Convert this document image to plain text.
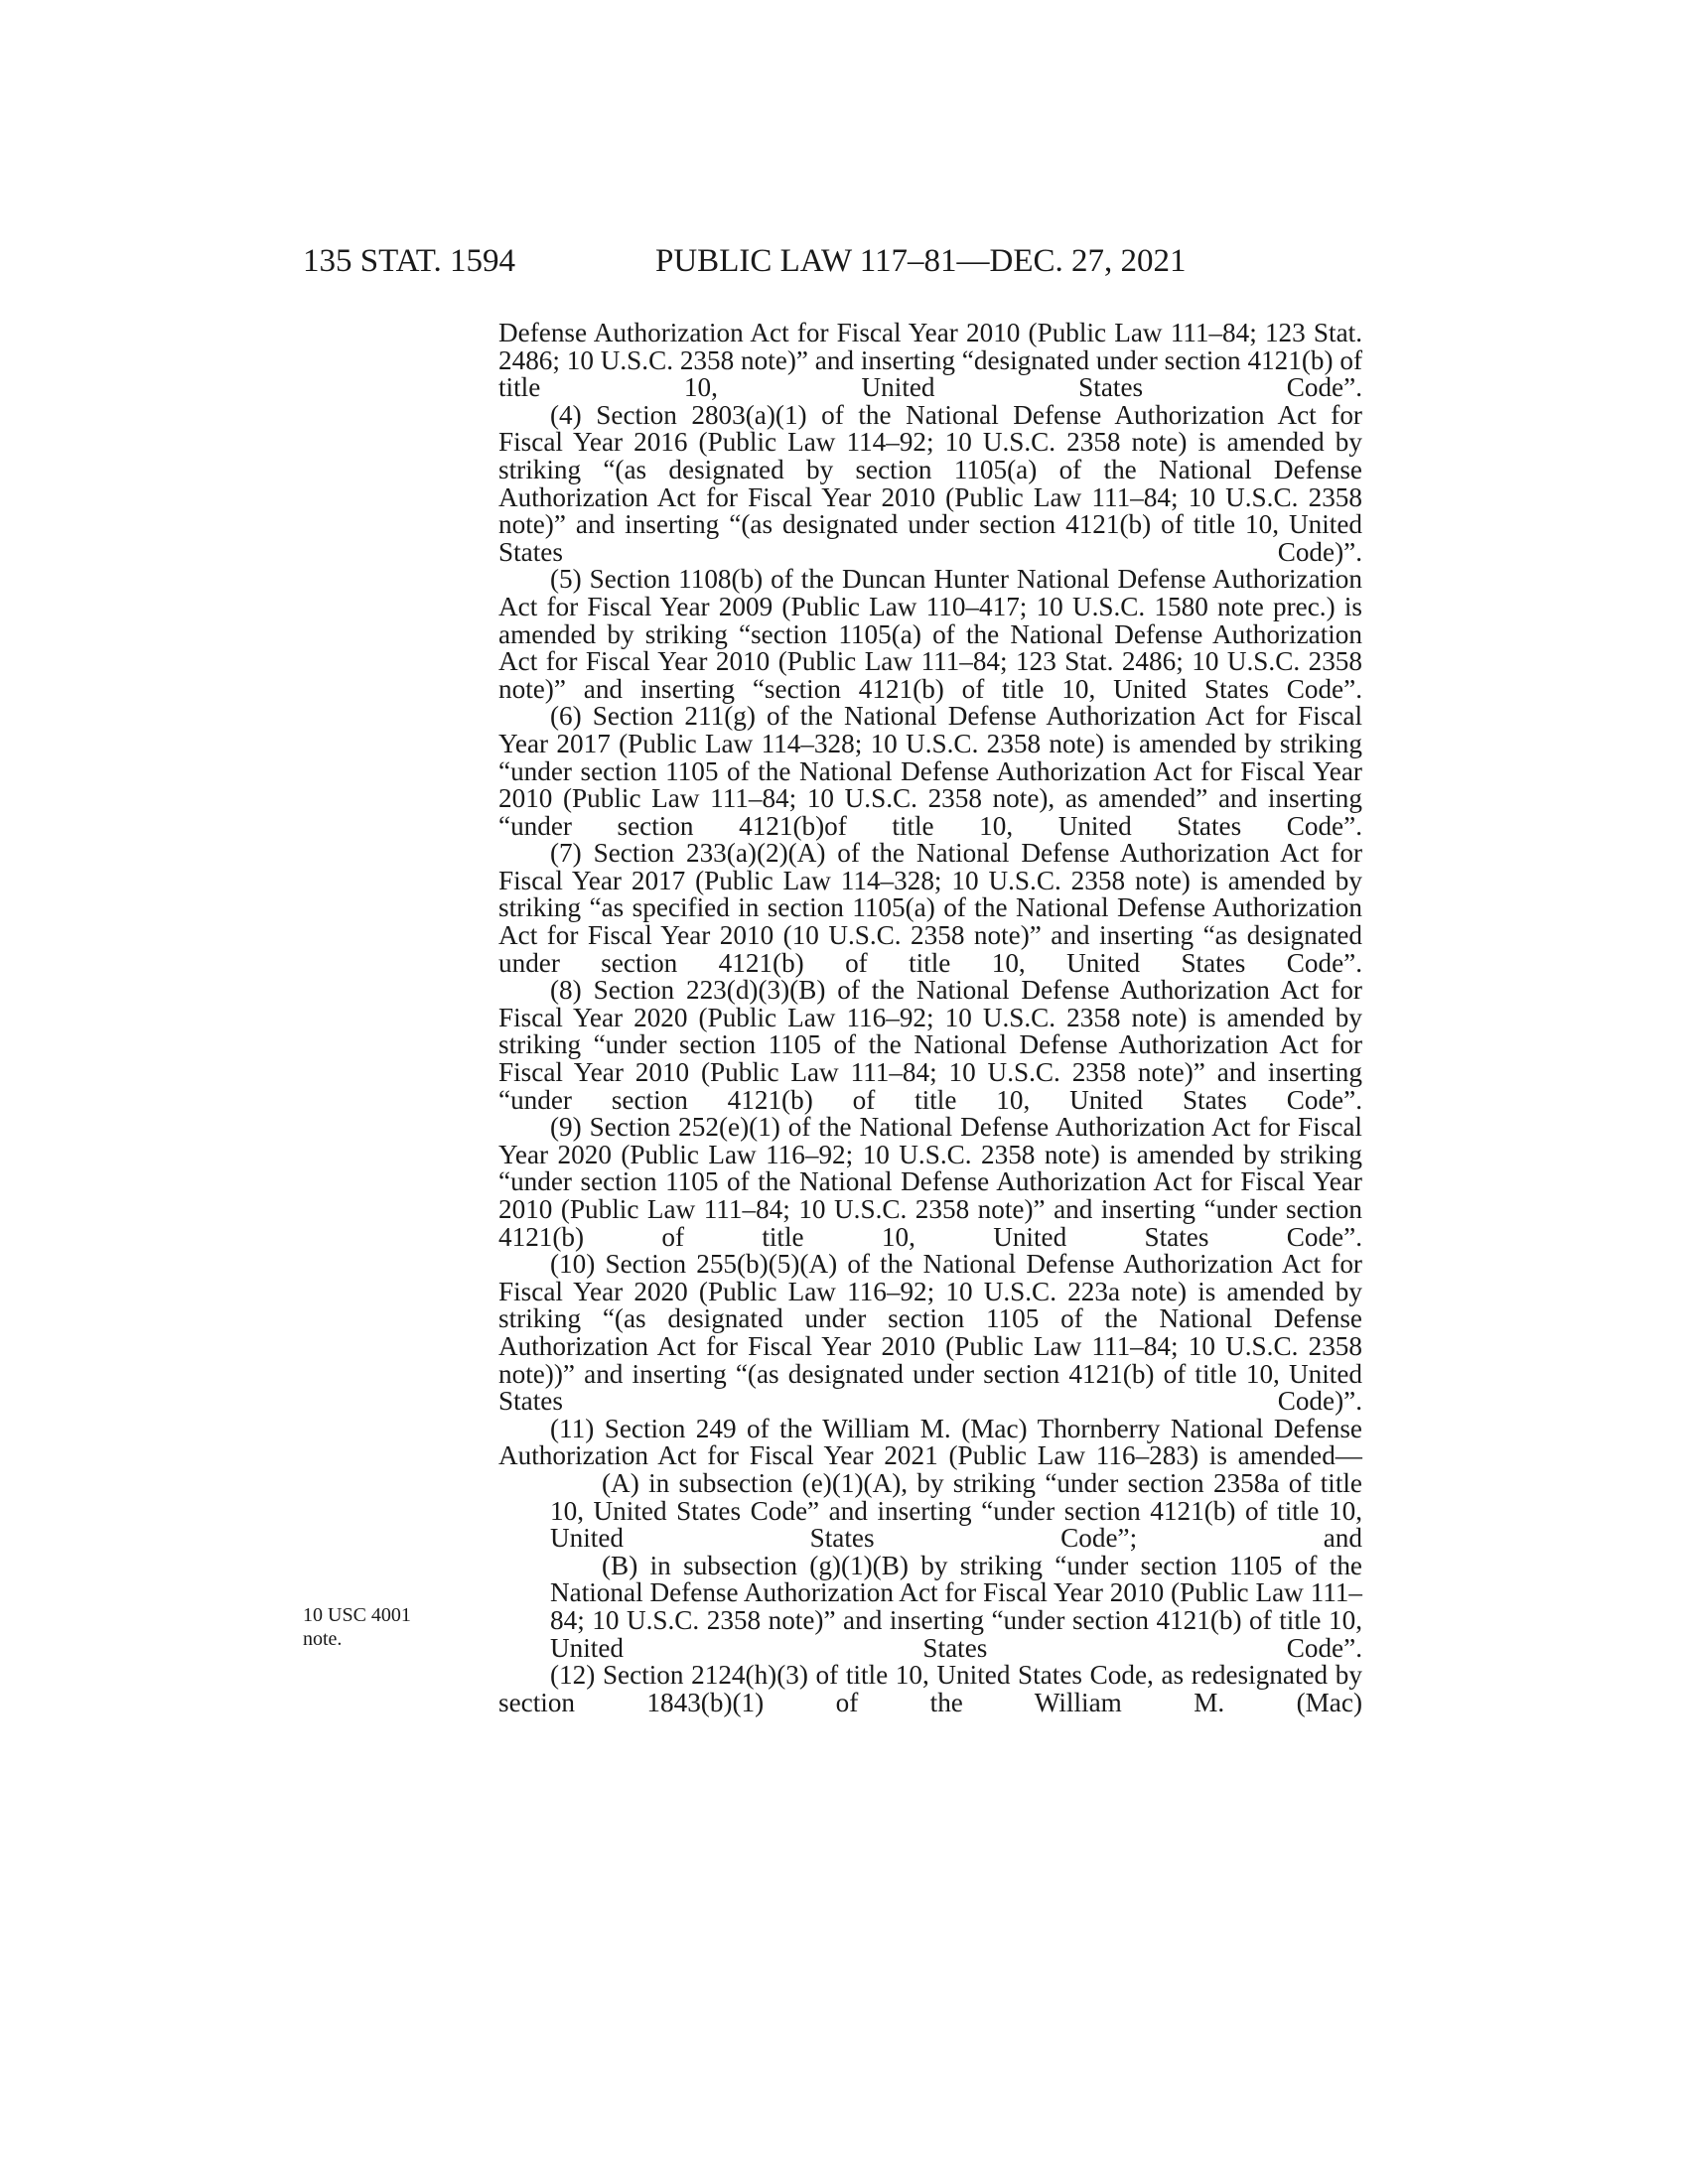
135 STAT. 1594	PUBLIC LAW 117–81—DEC. 27, 2021
10 USC 4001
note.

Defense Authorization Act for Fiscal Year 2010 (Public Law 111–84; 123 Stat. 2486; 10 U.S.C. 2358 note)” and inserting “designated under section 4121(b) of title 10, United States Code”.

(4) Section 2803(a)(1) of the National Defense Authorization Act for Fiscal Year 2016 (Public Law 114–92; 10 U.S.C. 2358 note) is amended by striking “(as designated by section 1105(a) of the National Defense Authorization Act for Fiscal Year 2010 (Public Law 111–84; 10 U.S.C. 2358 note)” and inserting “(as designated under section 4121(b) of title 10, United States Code)”.

(5) Section 1108(b) of the Duncan Hunter National Defense Authorization Act for Fiscal Year 2009 (Public Law 110–417; 10 U.S.C. 1580 note prec.) is amended by striking “section 1105(a) of the National Defense Authorization Act for Fiscal Year 2010 (Public Law 111–84; 123 Stat. 2486; 10 U.S.C. 2358 note)” and inserting “section 4121(b) of title 10, United States Code”.

(6) Section 211(g) of the National Defense Authorization Act for Fiscal Year 2017 (Public Law 114–328; 10 U.S.C. 2358 note) is amended by striking “under section 1105 of the National Defense Authorization Act for Fiscal Year 2010 (Public Law 111–84; 10 U.S.C. 2358 note), as amended” and inserting “under section 4121(b)of title 10, United States Code”.

(7) Section 233(a)(2)(A) of the National Defense Authorization Act for Fiscal Year 2017 (Public Law 114–328; 10 U.S.C. 2358 note) is amended by striking “as specified in section 1105(a) of the National Defense Authorization Act for Fiscal Year 2010 (10 U.S.C. 2358 note)” and inserting “as designated under section 4121(b) of title 10, United States Code”.

(8) Section 223(d)(3)(B) of the National Defense Authorization Act for Fiscal Year 2020 (Public Law 116–92; 10 U.S.C. 2358 note) is amended by striking “under section 1105 of the National Defense Authorization Act for Fiscal Year 2010 (Public Law 111–84; 10 U.S.C. 2358 note)” and inserting “under section 4121(b) of title 10, United States Code”.

(9) Section 252(e)(1) of the National Defense Authorization Act for Fiscal Year 2020 (Public Law 116–92; 10 U.S.C. 2358 note) is amended by striking “under section 1105 of the National Defense Authorization Act for Fiscal Year 2010 (Public Law 111–84; 10 U.S.C. 2358 note)” and inserting “under section 4121(b) of title 10, United States Code”.

(10) Section 255(b)(5)(A) of the National Defense Authorization Act for Fiscal Year 2020 (Public Law 116–92; 10 U.S.C. 223a note) is amended by striking “(as designated under section 1105 of the National Defense Authorization Act for Fiscal Year 2010 (Public Law 111–84; 10 U.S.C. 2358 note))” and inserting “(as designated under section 4121(b) of title 10, United States Code)”.

(11) Section 249 of the William M. (Mac) Thornberry National Defense Authorization Act for Fiscal Year 2021 (Public Law 116–283) is amended—

(A) in subsection (e)(1)(A), by striking “under section 2358a of title 10, United States Code” and inserting “under section 4121(b) of title 10, United States Code”; and

(B) in subsection (g)(1)(B) by striking “under section 1105 of the National Defense Authorization Act for Fiscal Year 2010 (Public Law 111–84; 10 U.S.C. 2358 note)” and inserting “under section 4121(b) of title 10, United States Code”.

(12) Section 2124(h)(3) of title 10, United States Code, as redesignated by section 1843(b)(1) of the William M. (Mac)
